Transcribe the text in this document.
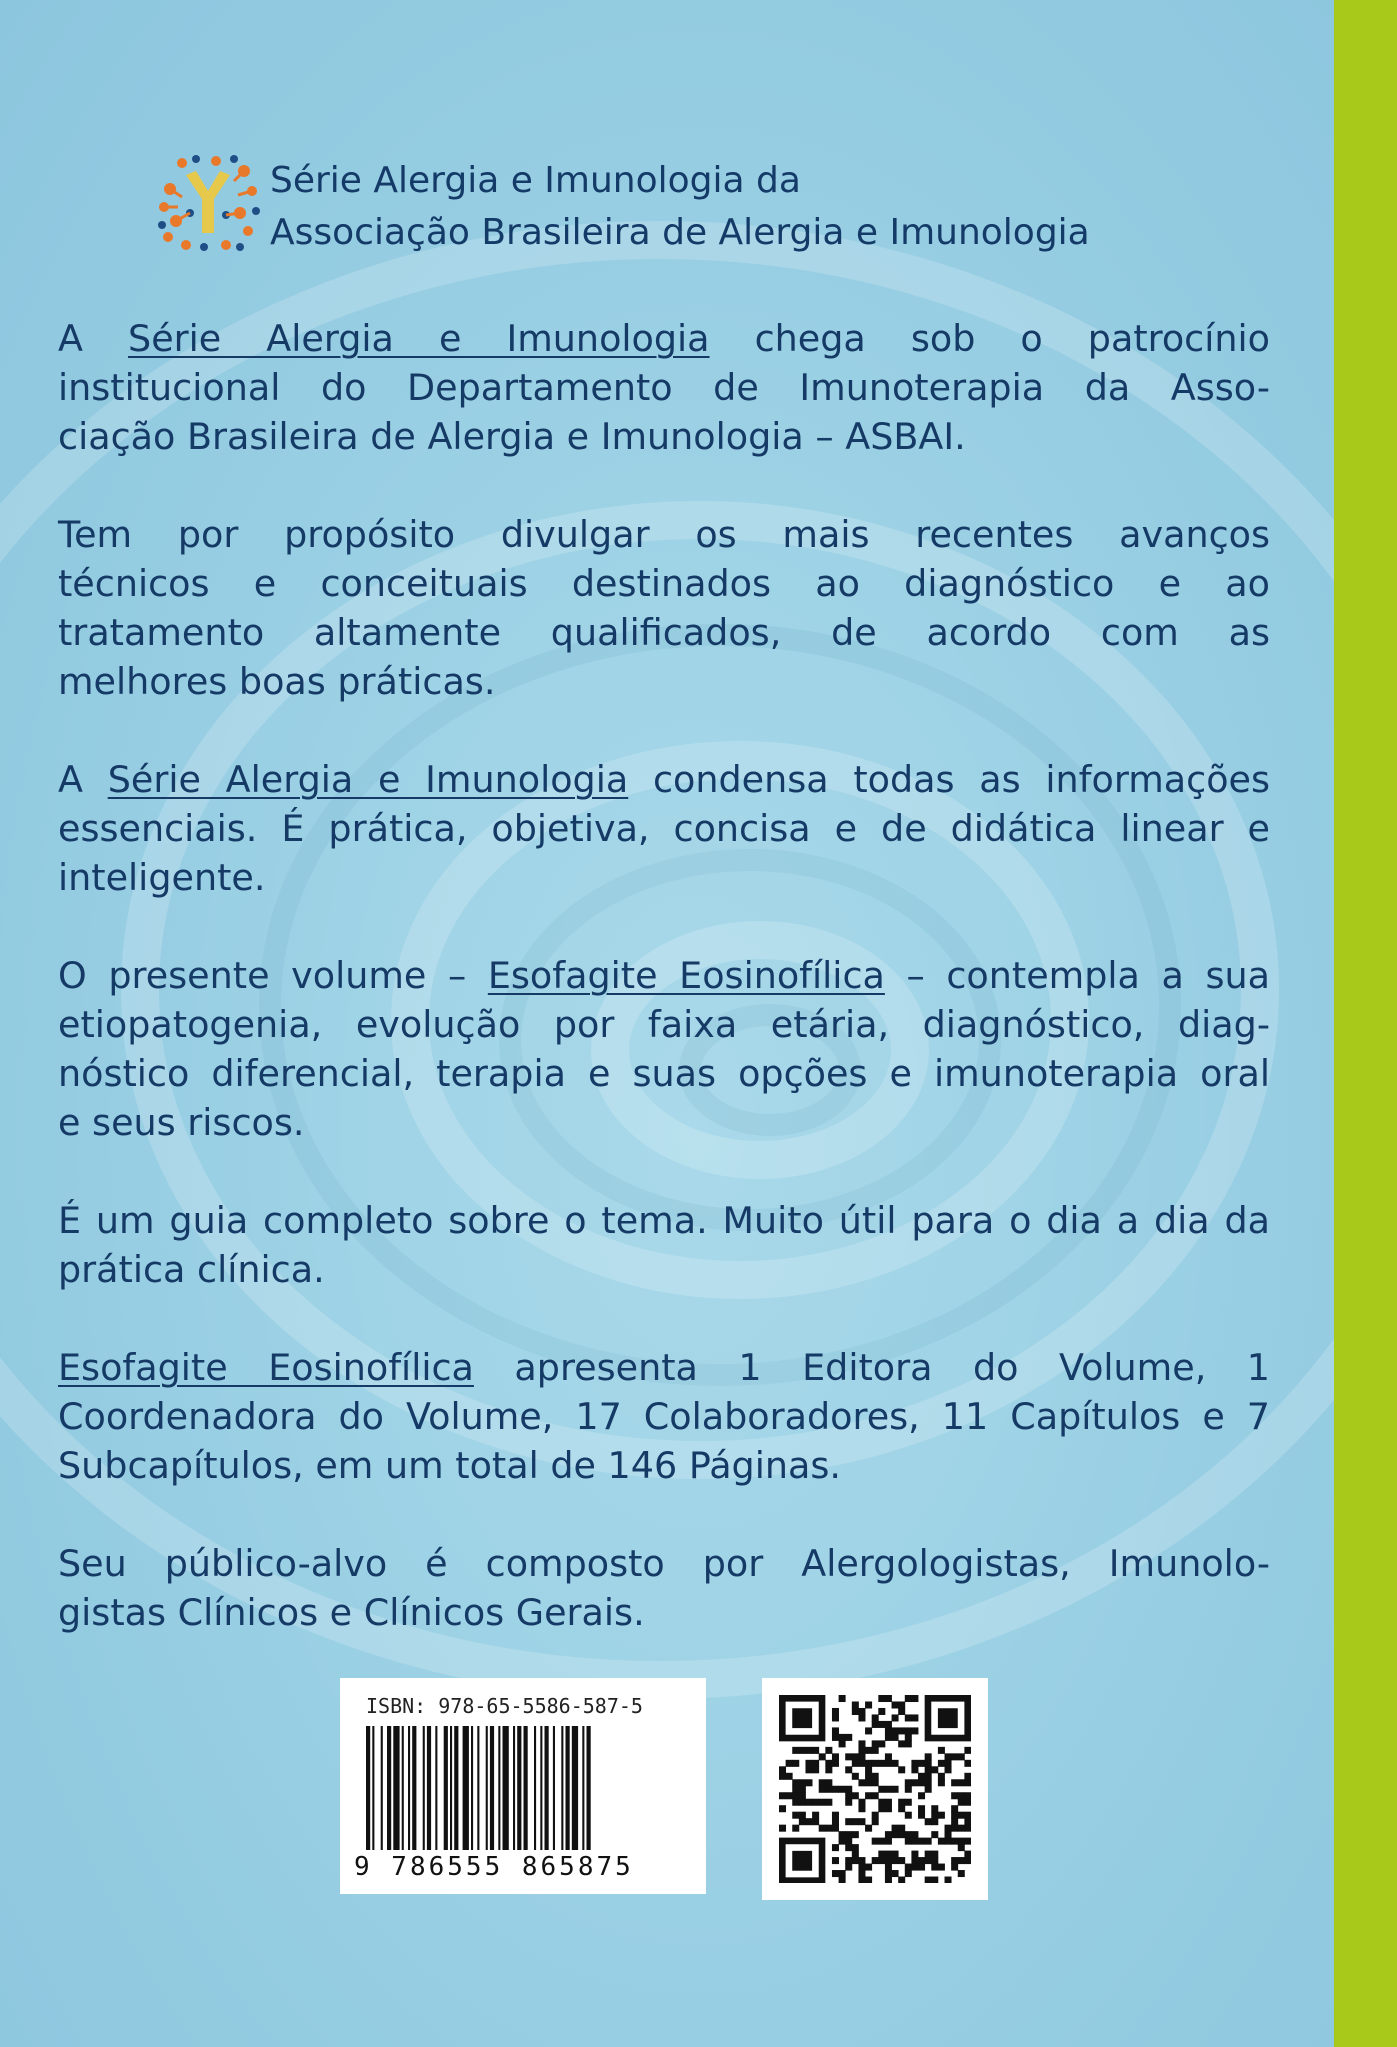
Série Alergia e Imunologia da
Associação Brasileira de Alergia e Imunologia
A Série Alergia e Imunologia chega sob o patrocínio
institucional do Departamento de Imunoterapia da Asso-
ciação Brasileira de Alergia e Imunologia – ASBAI.
Tem por propósito divulgar os mais recentes avanços
técnicos e conceituais destinados ao diagnóstico e ao
tratamento altamente qualificados, de acordo com as
melhores boas práticas.
A Série Alergia e Imunologia condensa todas as informações
essenciais. É prática, objetiva, concisa e de didática linear e
inteligente.
O presente volume – Esofagite Eosinofílica – contempla a sua
etiopatogenia, evolução por faixa etária, diagnóstico, diag-
nóstico diferencial, terapia e suas opções e imunoterapia oral
e seus riscos.
É um guia completo sobre o tema. Muito útil para o dia a dia da
prática clínica.
Esofagite Eosinofílica apresenta 1 Editora do Volume, 1
Coordenadora do Volume, 17 Colaboradores, 11 Capítulos e 7
Subcapítulos, em um total de 146 Páginas.
Seu público-alvo é composto por Alergologistas, Imunolo-
gistas Clínicos e Clínicos Gerais.
ISBN: 978-65-5586-587-5
9 786555 865875
